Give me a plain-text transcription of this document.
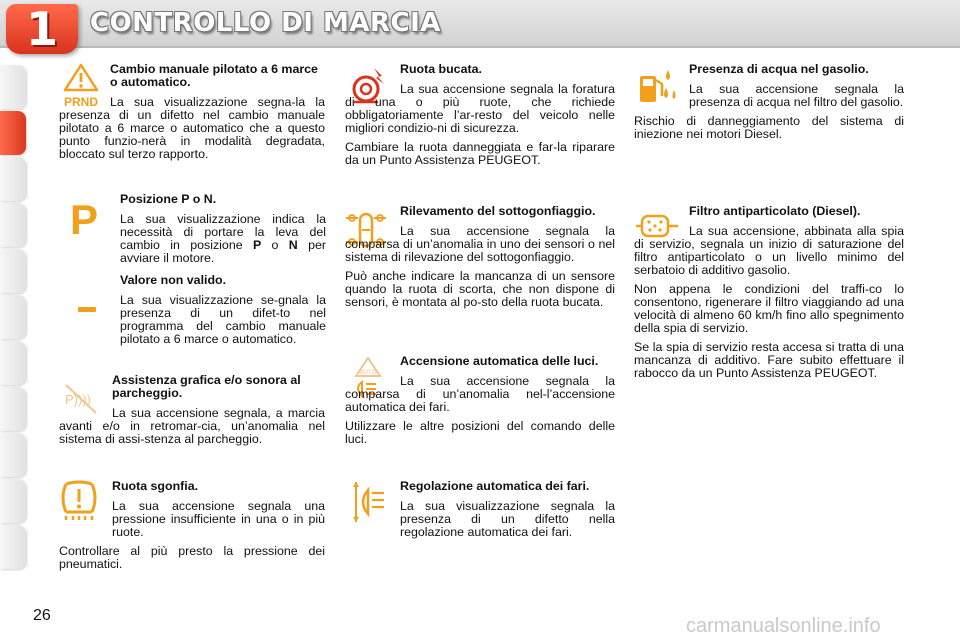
1	CONTROLLO DI MARCIA
PRND
P
P))))
AUTO
Cambio manuale pilotato a 6 marce o automatico.
La sua visualizzazione segna-la la presenza di un difetto nel cambio manuale pilotato a 6 marce o automatico che a questo punto funzio-nerà in modalità degradata, bloccato sul terzo rapporto.
Posizione P o N.
La sua visualizzazione indica la necessità di portare la leva del cambio in posizione P o N per avviare il motore.
Valore non valido.
La sua visualizzazione se-gnala la presenza di un difet-to nel programma del cambio manuale pilotato a 6 marce o automatico.
Assistenza grafica e/o sonora al parcheggio.
La sua accensione segnala, a marcia avanti e/o in retromar-cia, un’anomalia nel sistema di assi-stenza al parcheggio.
Ruota sgonfia.
La sua accensione segnala una pressione insufficiente in una o in più ruote.
Controllare al più presto la pressione dei pneumatici.
Ruota bucata.
La sua accensione segnala la foratura di una o più ruote, che richiede obbligatoriamente l’ar-resto del veicolo nelle migliori condizio-ni di sicurezza.
Cambiare la ruota danneggiata e far-la riparare da un Punto Assistenza PEUGEOT.
Rilevamento del sottogonfiaggio.
La sua accensione segnala la comparsa di un’anomalia in uno dei sensori o nel sistema di rilevazione del sottogonfiaggio.
Può anche indicare la mancanza di un sensore quando la ruota di scorta, che non dispone di sensori, è montata al po-sto della ruota bucata.
Accensione automatica delle luci.
La sua accensione segnala la comparsa di un’anomalia nel-l’accensione automatica dei fari.
Utilizzare le altre posizioni del comando delle luci.
Regolazione automatica dei fari.
La sua visualizzazione segnala la presenza di un difetto nella regolazione automatica dei fari.
Presenza di acqua nel gasolio.
La sua accensione segnala la presenza di acqua nel filtro del gasolio.
Rischio di danneggiamento del sistema di iniezione nei motori Diesel.
Filtro antiparticolato (Diesel).
La sua accensione, abbinata alla spia di servizio, segnala un inizio di saturazione del filtro antiparticolato o un livello minimo del serbatoio di additivo gasolio.
Non appena le condizioni del traffi-co lo consentono, rigenerare il filtro viaggiando ad una velocità di almeno 60 km/h fino allo spegnimento della spia di servizio.
Se la spia di servizio resta accesa si tratta di una mancanza di additivo. Fare subito effettuare il rabocco da un Punto Assistenza PEUGEOT.
26	carmanualsonline.info
